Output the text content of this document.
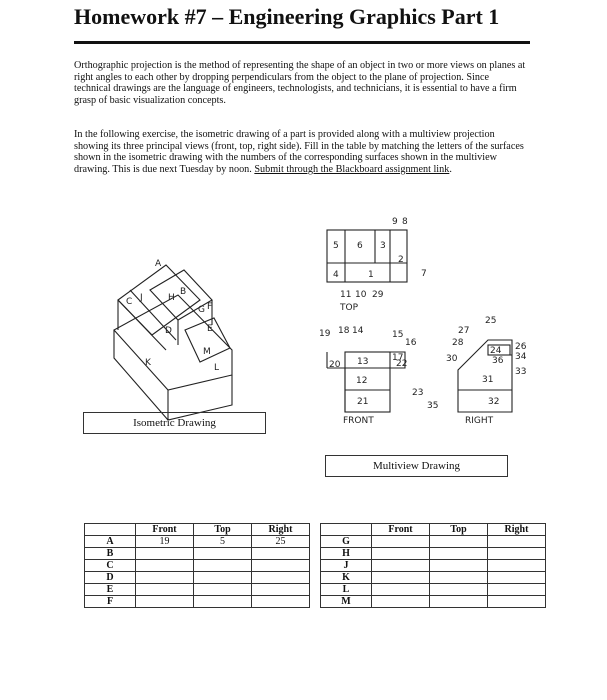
Homework #7 – Engineering Graphics Part 1
Orthographic projection is the method of representing the shape of an object in two or more views on planes at right angles to each other by dropping perpendiculars from the object to the plane of projection. Since technical drawings are the language of engineers, technologists, and technicians, it is essential to have a firm grasp of basic visualization concepts.
In the following exercise, the isometric drawing of a part is provided along with a multiview projection showing its three principal views (front, top, right side). Fill in the table by matching the letters of the surfaces shown in the isometric drawing with the numbers of the corresponding surfaces shown in the multiview drawing. This is due next Tuesday by noon. Submit through the Blackboard assignment link.
A
B
C J	H
G
D	E
F
K
M
L
9 8
5 6 3
2
4	1	7
11 10 29
TOP
19 18 14	15
16
17
20 13	22
12
23
21
FRONT
25
27
28	26
24
34
30	36
33
31
35	32
RIGHT
Isometric Drawing
Multiview Drawing
	Front	Top	Right
A	19	5	25
B			
C			
D			
E			
F			
	Front	Top	Right
G			
H			
J			
K			
L			
M			
